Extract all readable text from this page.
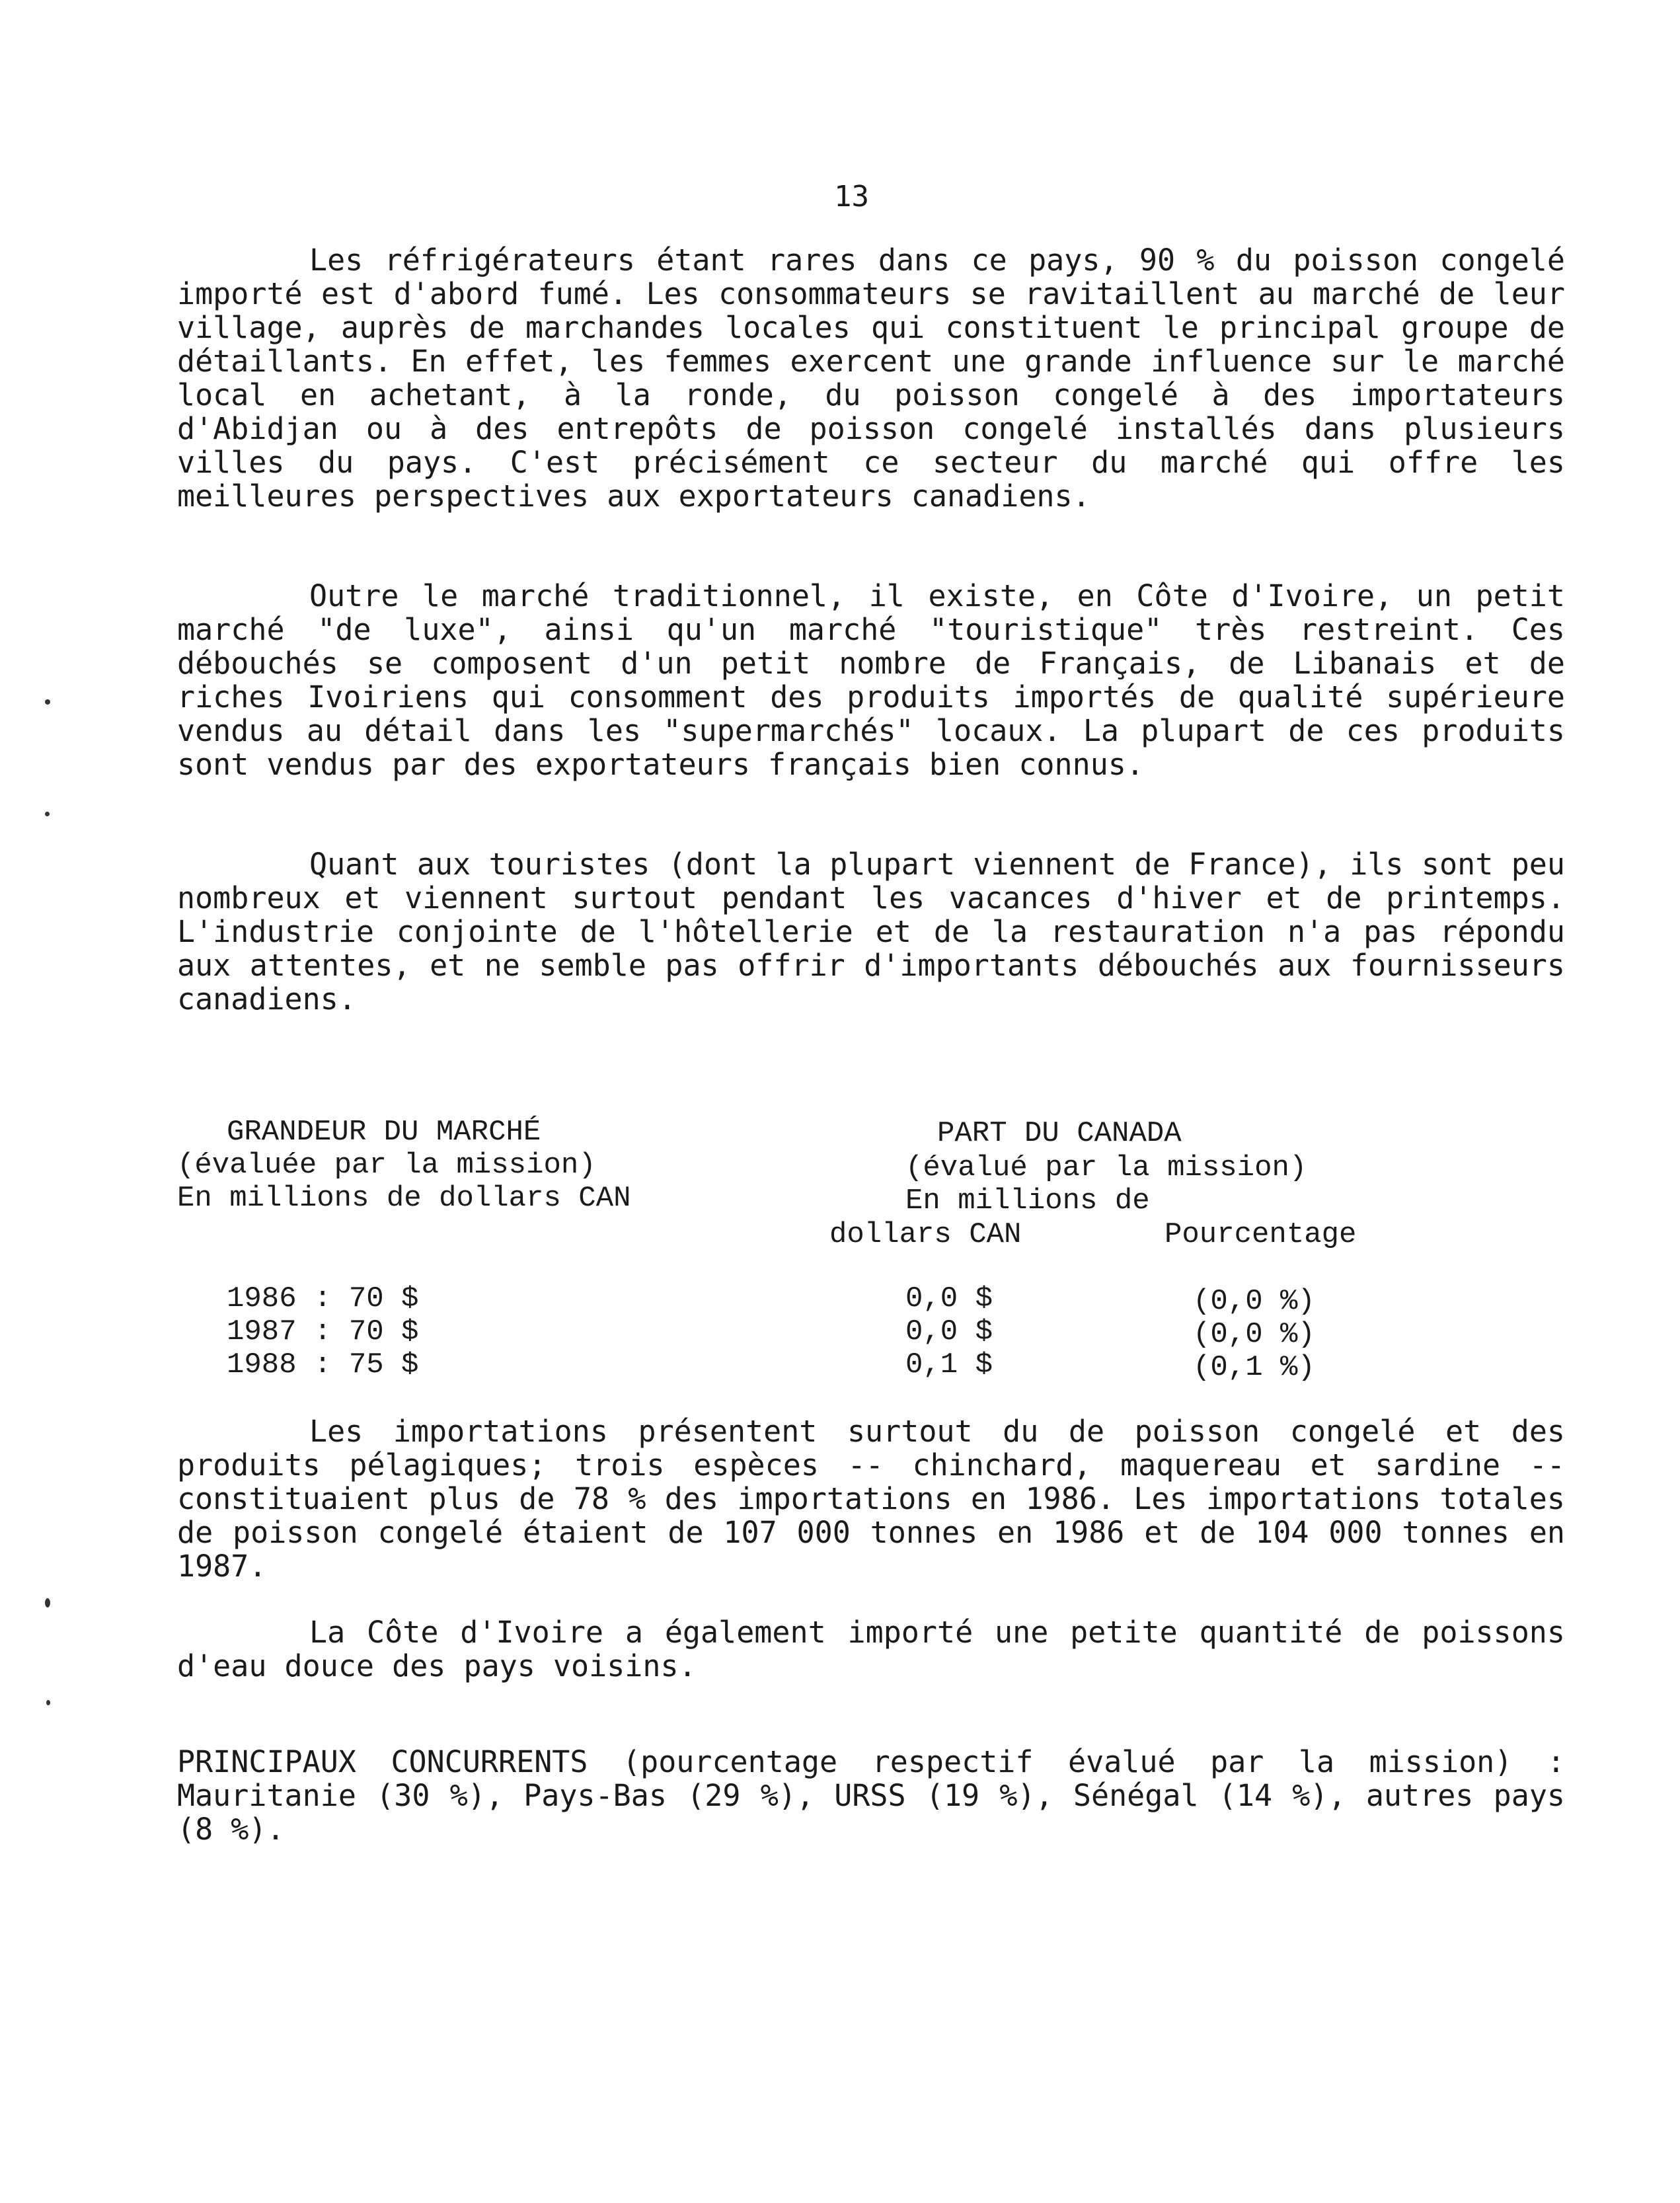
13

Les réfrigérateurs étant rares dans ce pays, 90 % du poisson congelé importé est d'abord fumé. Les consommateurs se ravitaillent au marché de leur village, auprès de marchandes locales qui constituent le principal groupe de détaillants. En effet, les femmes exercent une grande influence sur le marché local en achetant, à la ronde, du poisson congelé à des importateurs d'Abidjan ou à des entrepôts de poisson congelé installés dans plusieurs villes du pays. C'est précisément ce secteur du marché qui offre les meilleures perspectives aux exportateurs canadiens.

Outre le marché traditionnel, il existe, en Côte d'Ivoire, un petit marché "de luxe", ainsi qu'un marché "touristique" très restreint. Ces débouchés se composent d'un petit nombre de Français, de Libanais et de riches Ivoiriens qui consomment des produits importés de qualité supérieure vendus au détail dans les "supermarchés" locaux. La plupart de ces produits sont vendus par des exportateurs français bien connus.

Quant aux touristes (dont la plupart viennent de France), ils sont peu nombreux et viennent surtout pendant les vacances d'hiver et de printemps. L'industrie conjointe de l'hôtellerie et de la restauration n'a pas répondu aux attentes, et ne semble pas offrir d'importants débouchés aux fournisseurs canadiens.

GRANDEUR DU MARCHÉ
(évaluée par la mission)
En millions de dollars CAN
PART DU CANADA
(évalué par la mission)
En millions de
dollars CAN	Pourcentage
1986 : 70 $	0,0 $	(0,0 %)
1987 : 70 $	0,0 $	(0,0 %)
1988 : 75 $	0,1 $	(0,1 %)

Les importations présentent surtout du de poisson congelé et des produits pélagiques; trois espèces -- chinchard, maquereau et sardine -- constituaient plus de 78 % des importations en 1986. Les importations totales de poisson congelé étaient de 107 000 tonnes en 1986 et de 104 000 tonnes en 1987.

La Côte d'Ivoire a également importé une petite quantité de poissons d'eau douce des pays voisins.

PRINCIPAUX CONCURRENTS (pourcentage respectif évalué par la mission) : Mauritanie (30 %), Pays-Bas (29 %), URSS (19 %), Sénégal (14 %), autres pays (8 %).
